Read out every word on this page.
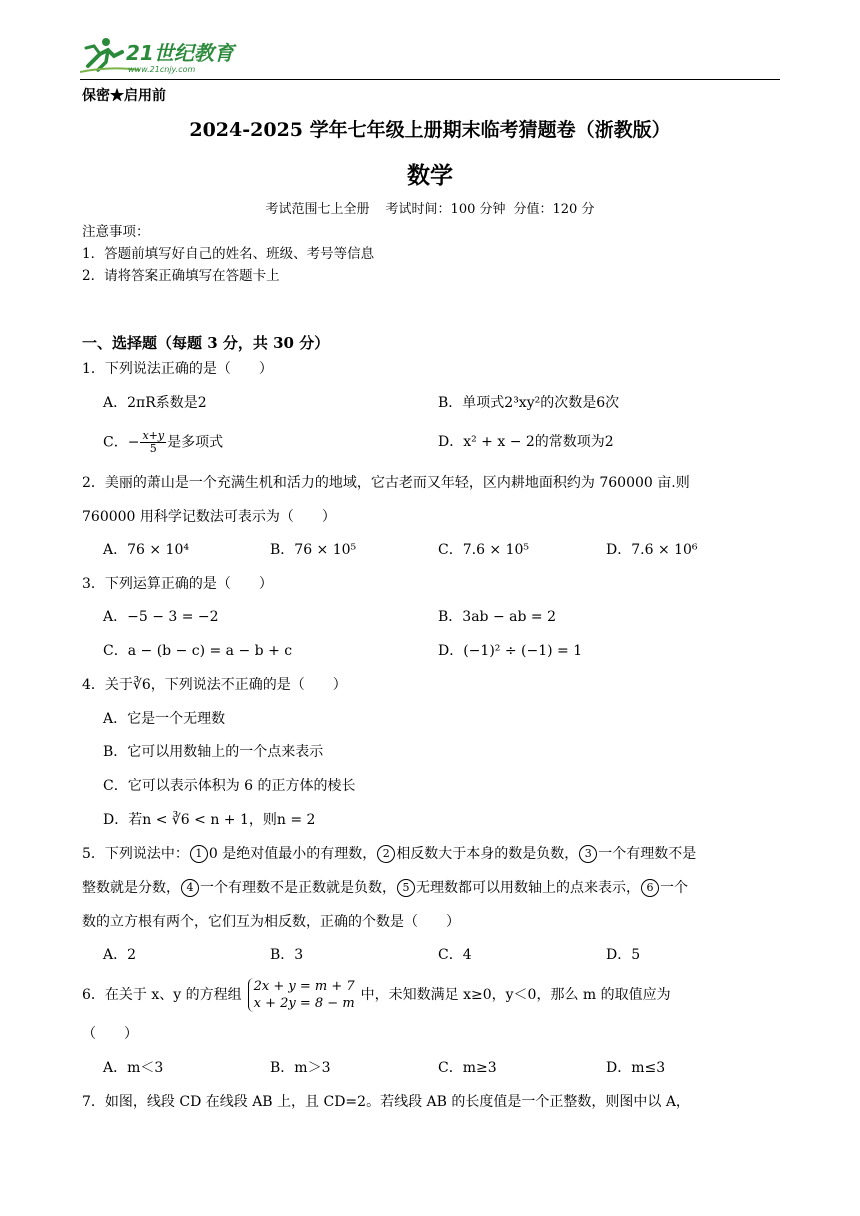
21世纪教育
www.21cnjy.com
保密★启用前
2024-2025 学年七年级上册期末临考猜题卷（浙教版）
数学
考试范围七上全册 考试时间：100 分钟 分值：120 分
注意事项：
1．答题前填写好自己的姓名、班级、考号等信息
2．请将答案正确填写在答题卡上
一、选择题（每题 3 分，共 30 分）
1．下列说法正确的是（　　）
A．2πR系数是2	B．单项式2³xy²的次数是6次
C．− $\frac{x+y}{5}$ 是多项式	D．x² + x − 2的常数项为2
2．美丽的萧山是一个充满生机和活力的地域，它古老而又年轻，区内耕地面积约为 760000 亩.则
760000 用科学记数法可表示为（　　）
A．76 × 10⁴	B．76 × 10⁵	C．7.6 × 10⁵	D．7.6 × 10⁶
3．下列运算正确的是（　　）
A．−5 − 3 = −2	B．3ab − ab = 2
C．a − (b − c) = a − b + c	D．(−1)² ÷ (−1) = 1
4．关于∛6，下列说法不正确的是（　　）
A．它是一个无理数
B．它可以用数轴上的一个点来表示
C．它可以表示体积为 6 的正方体的棱长
D．若n < ∛6 < n + 1，则n = 2
5．下列说法中： 1 0 是绝对值最小的有理数， 2 相反数大于本身的数是负数， 3 一个有理数不是
整数就是分数， 4 一个有理数不是正数就是负数， 5 无理数都可以用数轴上的点来表示， 6 一个
数的立方根有两个，它们互为相反数，正确的个数是（　　）
A．2	B．3	C．4	D．5
6．在关于 x、y 的方程组
2x + y = m + 7
x + 2y = 8 − m
中，未知数满足 x≥0，y＜0，那么 m 的取值应为
（　　）
A．m＜3	B．m＞3	C．m≥3	D．m≤3
7．如图，线段 CD 在线段 AB 上，且 CD=2。若线段 AB 的长度值是一个正整数，则图中以 A，
